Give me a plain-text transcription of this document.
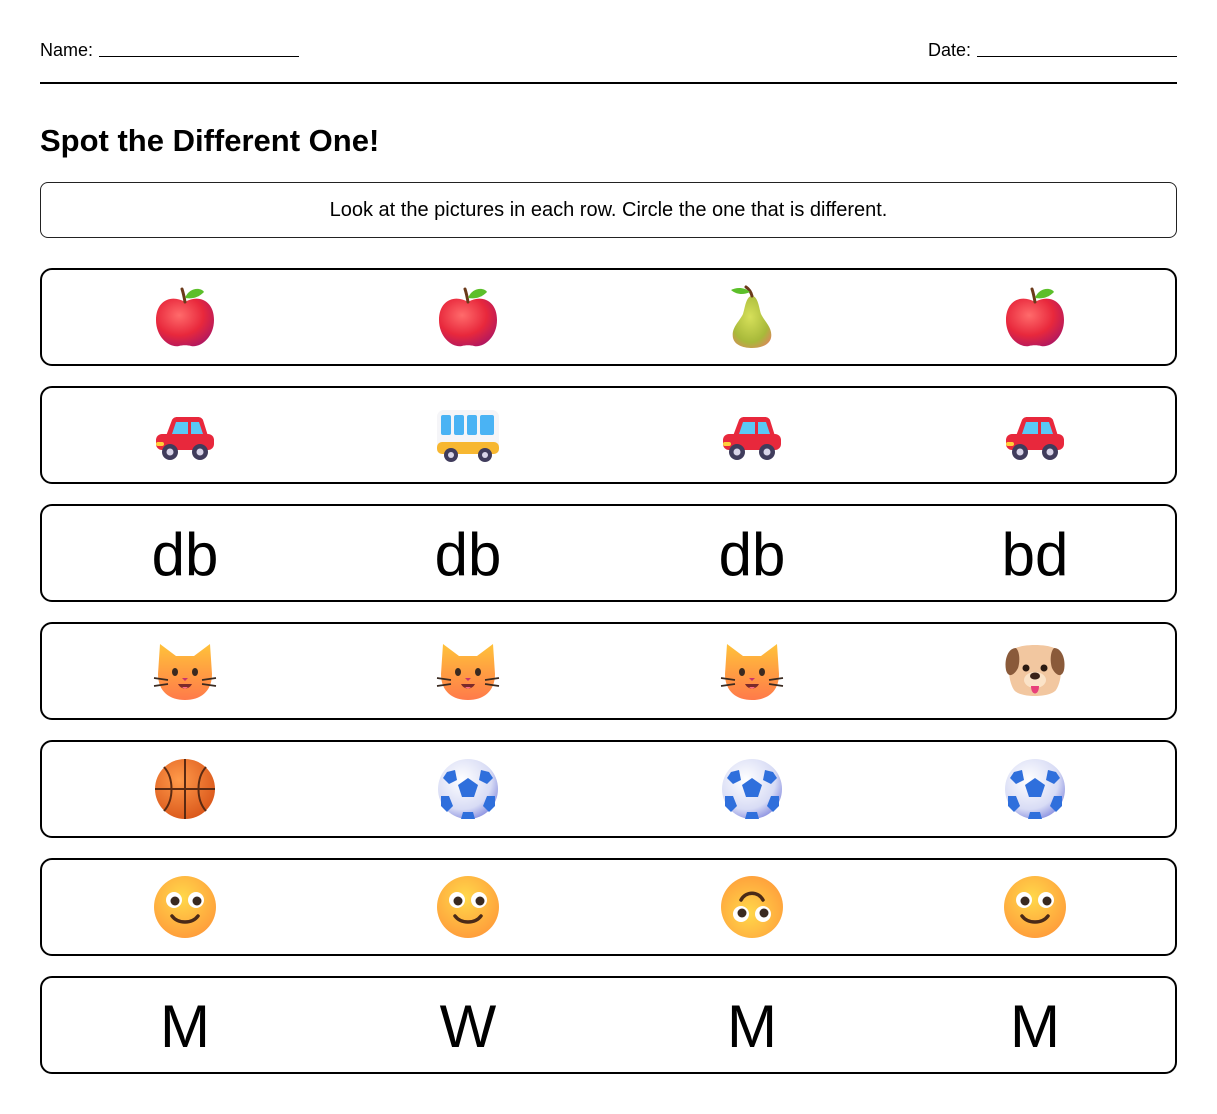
Name:	Date:
Spot the Different One!
Look at the pictures in each row. Circle the one that is different.
db	db	db	bd
M	W	M	M
